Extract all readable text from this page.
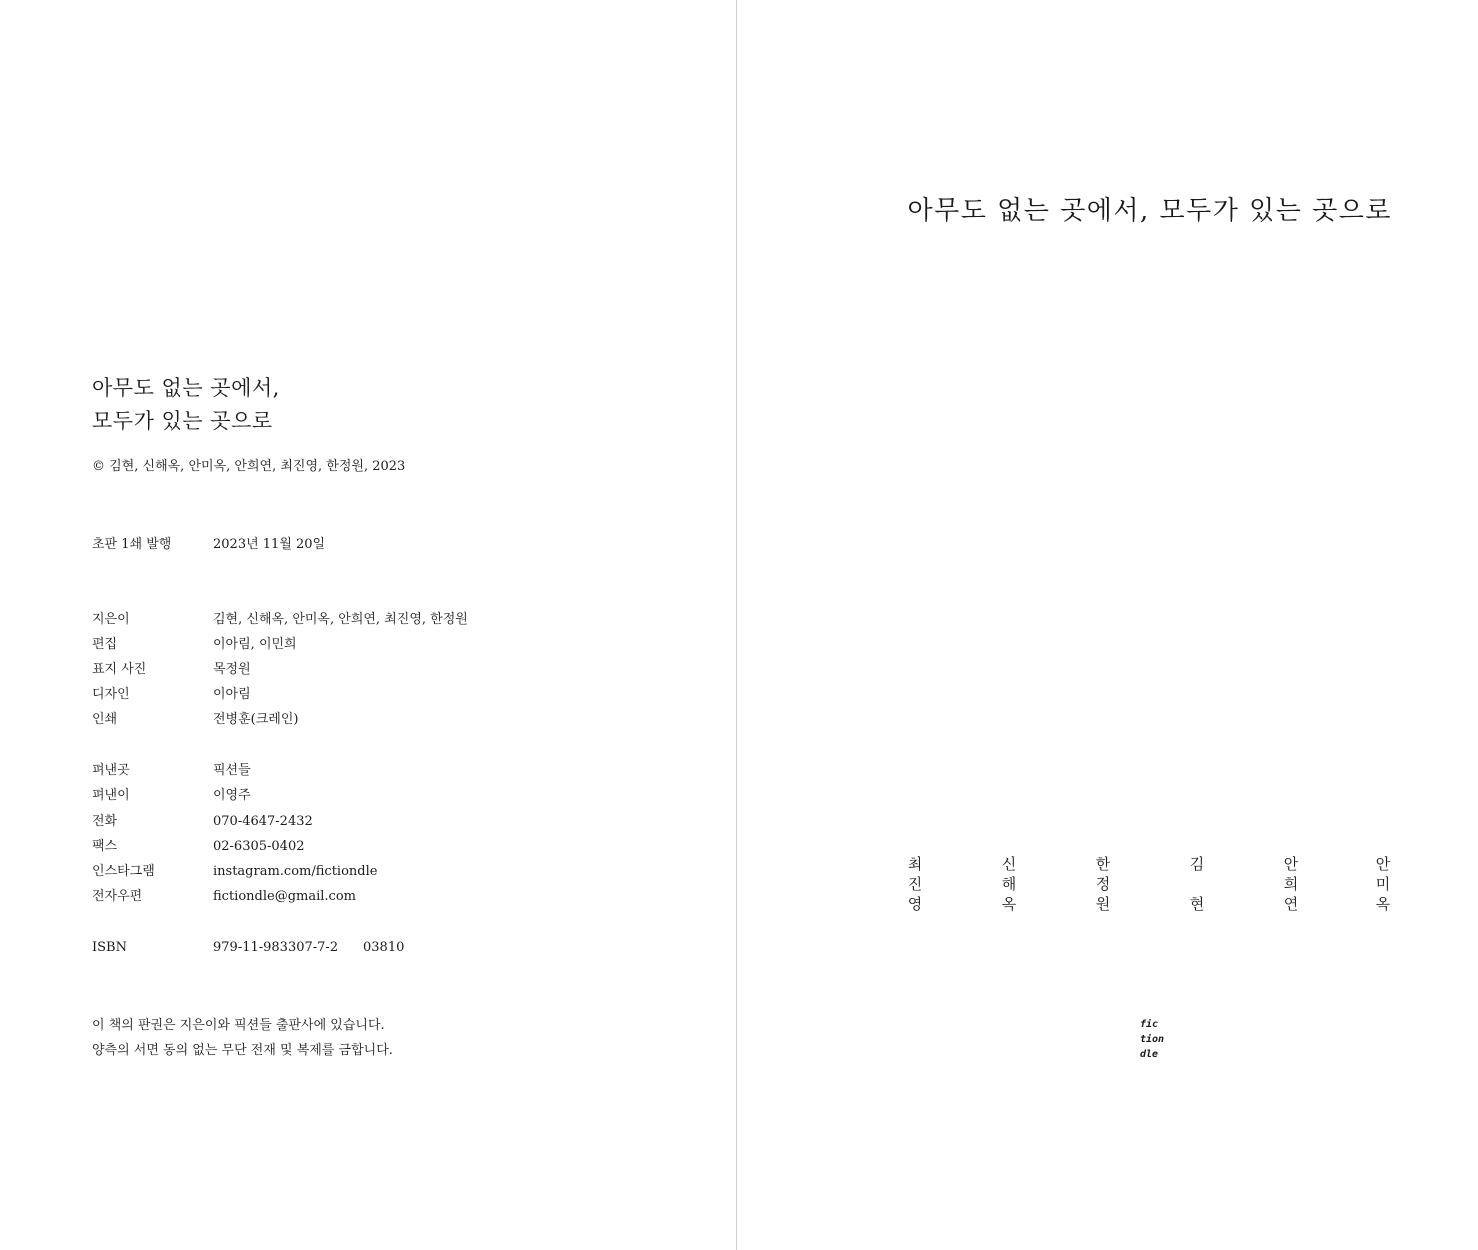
아무도 없는 곳에서,
모두가 있는 곳으로
© 김현, 신해옥, 안미옥, 안희연, 최진영, 한정원, 2023
초판 1쇄 발행	2023년 11월 20일
지은이	김현, 신해옥, 안미옥, 안희연, 최진영, 한정원
편집	이아림, 이민희
표지 사진	목정원
디자인	이아림
인쇄	전병훈(크레인)
펴낸곳	픽션들
펴낸이	이영주
전화	070-4647-2432
팩스	02-6305-0402
인스타그램	instagram.com/fictiondle
전자우편	fictiondle@gmail.com
ISBN	979-11-983307-7-2 03810
이 책의 판권은 지은이와 픽션들 출판사에 있습니다.
양측의 서면 동의 없는 무단 전재 및 복제를 금합니다.
아무도 없는 곳에서, 모두가 있는 곳으로
최
진
영
신
해
옥
한
정
원
김
현
안
희
연
안
미
옥
fic
tion
dle
